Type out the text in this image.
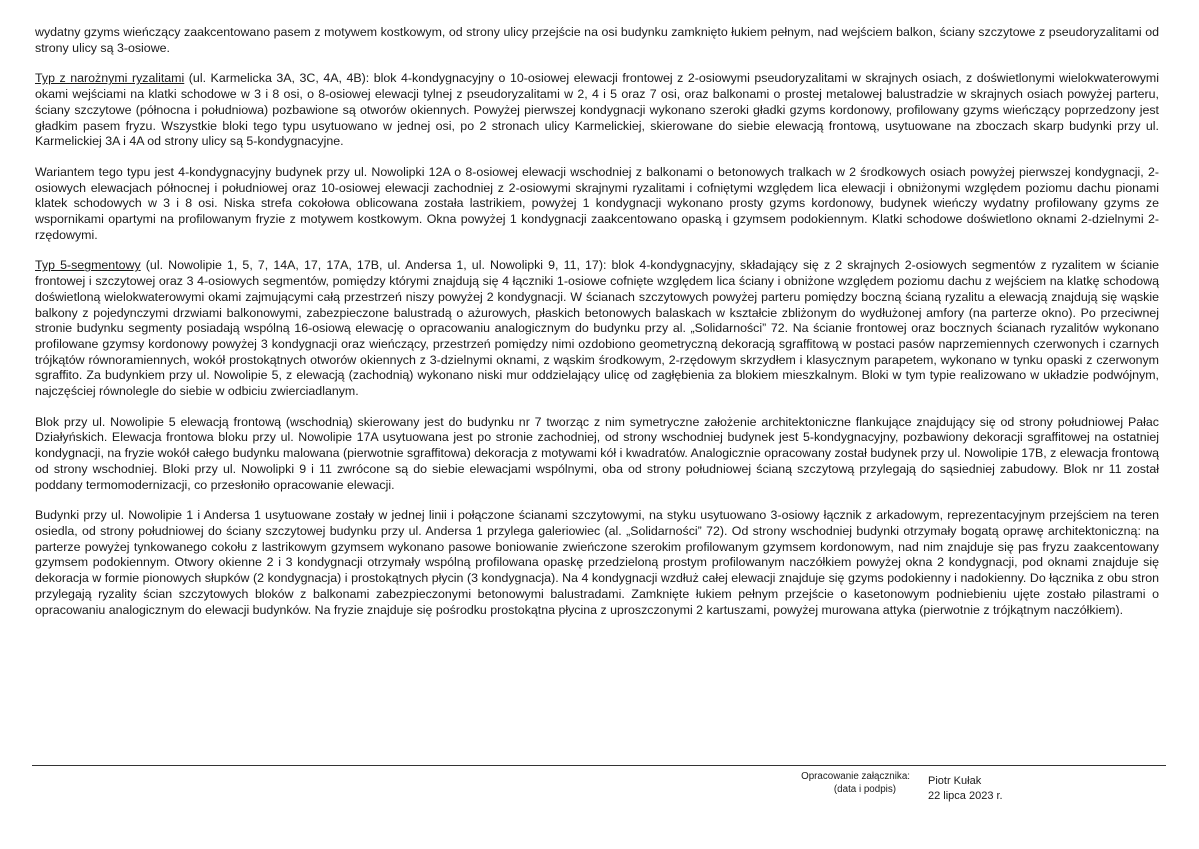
wydatny gzyms wieńczący zaakcentowano pasem z motywem kostkowym, od strony ulicy przejście na osi budynku zamknięto łukiem pełnym, nad wejściem balkon, ściany szczytowe z pseudoryzalitami od strony ulicy są 3-osiowe.

Typ z narożnymi ryzalitami (ul. Karmelicka 3A, 3C, 4A, 4B): blok 4-kondygnacyjny o 10-osiowej elewacji frontowej z 2-osiowymi pseudoryzalitami w skrajnych osiach, z doświetlonymi wielokwaterowymi okami wejściami na klatki schodowe w 3 i 8 osi, o 8-osiowej elewacji tylnej z pseudoryzalitami w 2, 4 i 5 oraz 7 osi, oraz balkonami o prostej metalowej balustradzie w skrajnych osiach powyżej parteru, ściany szczytowe (północna i południowa) pozbawione są otworów okiennych. Powyżej pierwszej kondygnacji wykonano szeroki gładki gzyms kordonowy, profilowany gzyms wieńczący poprzedzony jest gładkim pasem fryzu. Wszystkie bloki tego typu usytuowano w jednej osi, po 2 stronach ulicy Karmelickiej, skierowane do siebie elewacją frontową, usytuowane na zboczach skarp budynki przy ul. Karmelickiej 3A i 4A od strony ulicy są 5-kondygnacyjne.

Wariantem tego typu jest 4-kondygnacyjny budynek przy ul. Nowolipki 12A o 8-osiowej elewacji wschodniej z balkonami o betonowych tralkach w 2 środkowych osiach powyżej pierwszej kondygnacji, 2-osiowych elewacjach północnej i południowej oraz 10-osiowej elewacji zachodniej z 2-osiowymi skrajnymi ryzalitami i cofniętymi względem lica elewacji i obniżonymi względem poziomu dachu pionami klatek schodowych w 3 i 8 osi. Niska strefa cokołowa oblicowana została lastrikiem, powyżej 1 kondygnacji wykonano prosty gzyms kordonowy, budynek wieńczy wydatny profilowany gzyms ze wspornikami opartymi na profilowanym fryzie z motywem kostkowym. Okna powyżej 1 kondygnacji zaakcentowano opaską i gzymsem podokiennym. Klatki schodowe doświetlono oknami 2-dzielnymi 2-rzędowymi.

Typ 5-segmentowy (ul. Nowolipie 1, 5, 7, 14A, 17, 17A, 17B, ul. Andersa 1, ul. Nowolipki 9, 11, 17): blok 4-kondygnacyjny, składający się z 2 skrajnych 2-osiowych segmentów z ryzalitem w ścianie frontowej i szczytowej oraz 3 4-osiowych segmentów, pomiędzy którymi znajdują się 4 łączniki 1-osiowe cofnięte względem lica ściany i obniżone względem poziomu dachu z wejściem na klatkę schodową doświetloną wielokwaterowymi okami zajmującymi całą przestrzeń niszy powyżej 2 kondygnacji. W ścianach szczytowych powyżej parteru pomiędzy boczną ścianą ryzalitu a elewacją znajdują się wąskie balkony z pojedynczymi drzwiami balkonowymi, zabezpieczone balustradą o ażurowych, płaskich betonowych balaskach w kształcie zbliżonym do wydłużonej amfory (na parterze okno). Po przeciwnej stronie budynku segmenty posiadają wspólną 16-osiową elewację o opracowaniu analogicznym do budynku przy al. „Solidarności” 72. Na ścianie frontowej oraz bocznych ścianach ryzalitów wykonano profilowane gzymsy kordonowy powyżej 3 kondygnacji oraz wieńczący, przestrzeń pomiędzy nimi ozdobiono geometryczną dekoracją sgraffitową w postaci pasów naprzemiennych czerwonych i czarnych trójkątów równoramiennych, wokół prostokątnych otworów okiennych z 3-dzielnymi oknami, z wąskim środkowym, 2-rzędowym skrzydłem i klasycznym parapetem, wykonano w tynku opaski z czerwonym sgraffito. Za budynkiem przy ul. Nowolipie 5, z elewacją (zachodnią) wykonano niski mur oddzielający ulicę od zagłębienia za blokiem mieszkalnym. Bloki w tym typie realizowano w układzie podwójnym, najczęściej równolegle do siebie w odbiciu zwierciadlanym.

Blok przy ul. Nowolipie 5 elewacją frontową (wschodnią) skierowany jest do budynku nr 7 tworząc z nim symetryczne założenie architektoniczne flankujące znajdujący się od strony południowej Pałac Działyńskich. Elewacja frontowa bloku przy ul. Nowolipie 17A usytuowana jest po stronie zachodniej, od strony wschodniej budynek jest 5-kondygnacyjny, pozbawiony dekoracji sgraffitowej na ostatniej kondygnacji, na fryzie wokół całego budynku malowana (pierwotnie sgraffitowa) dekoracja z motywami kół i kwadratów. Analogicznie opracowany został budynek przy ul. Nowolipie 17B, z elewacja frontową od strony wschodniej. Bloki przy ul. Nowolipki 9 i 11 zwrócone są do siebie elewacjami wspólnymi, oba od strony południowej ścianą szczytową przylegają do sąsiedniej zabudowy. Blok nr 11 został poddany termomodernizacji, co przesłoniło opracowanie elewacji.

Budynki przy ul. Nowolipie 1 i Andersa 1 usytuowane zostały w jednej linii i połączone ścianami szczytowymi, na styku usytuowano 3-osiowy łącznik z arkadowym, reprezentacyjnym przejściem na teren osiedla, od strony południowej do ściany szczytowej budynku przy ul. Andersa 1 przylega galeriowiec (al. „Solidarności” 72). Od strony wschodniej budynki otrzymały bogatą oprawę architektoniczną: na parterze powyżej tynkowanego cokołu z lastrikowym gzymsem wykonano pasowe boniowanie zwieńczone szerokim profilowanym gzymsem kordonowym, nad nim znajduje się pas fryzu zaakcentowany gzymsem podokiennym. Otwory okienne 2 i 3 kondygnacji otrzymały wspólną profilowana opaskę przedzieloną prostym profilowanym naczółkiem powyżej okna 2 kondygnacji, pod oknami znajduje się dekoracja w formie pionowych słupków (2 kondygnacja) i prostokątnych płycin (3 kondygnacja). Na 4 kondygnacji wzdłuż całej elewacji znajduje się gzyms podokienny i nadokienny. Do łącznika z obu stron przylegają ryzality ścian szczytowych bloków z balkonami zabezpieczonymi betonowymi balustradami. Zamknięte łukiem pełnym przejście o kasetonowym podniebieniu ujęte zostało pilastrami o opracowaniu analogicznym do elewacji budynków. Na fryzie znajduje się pośrodku prostokątna płycina z uproszczonymi 2 kartuszami, powyżej murowana attyka (pierwotnie z trójkątnym naczółkiem).

Opracowanie załącznika:
(data i podpis)
Piotr Kułak
22 lipca 2023 r.
